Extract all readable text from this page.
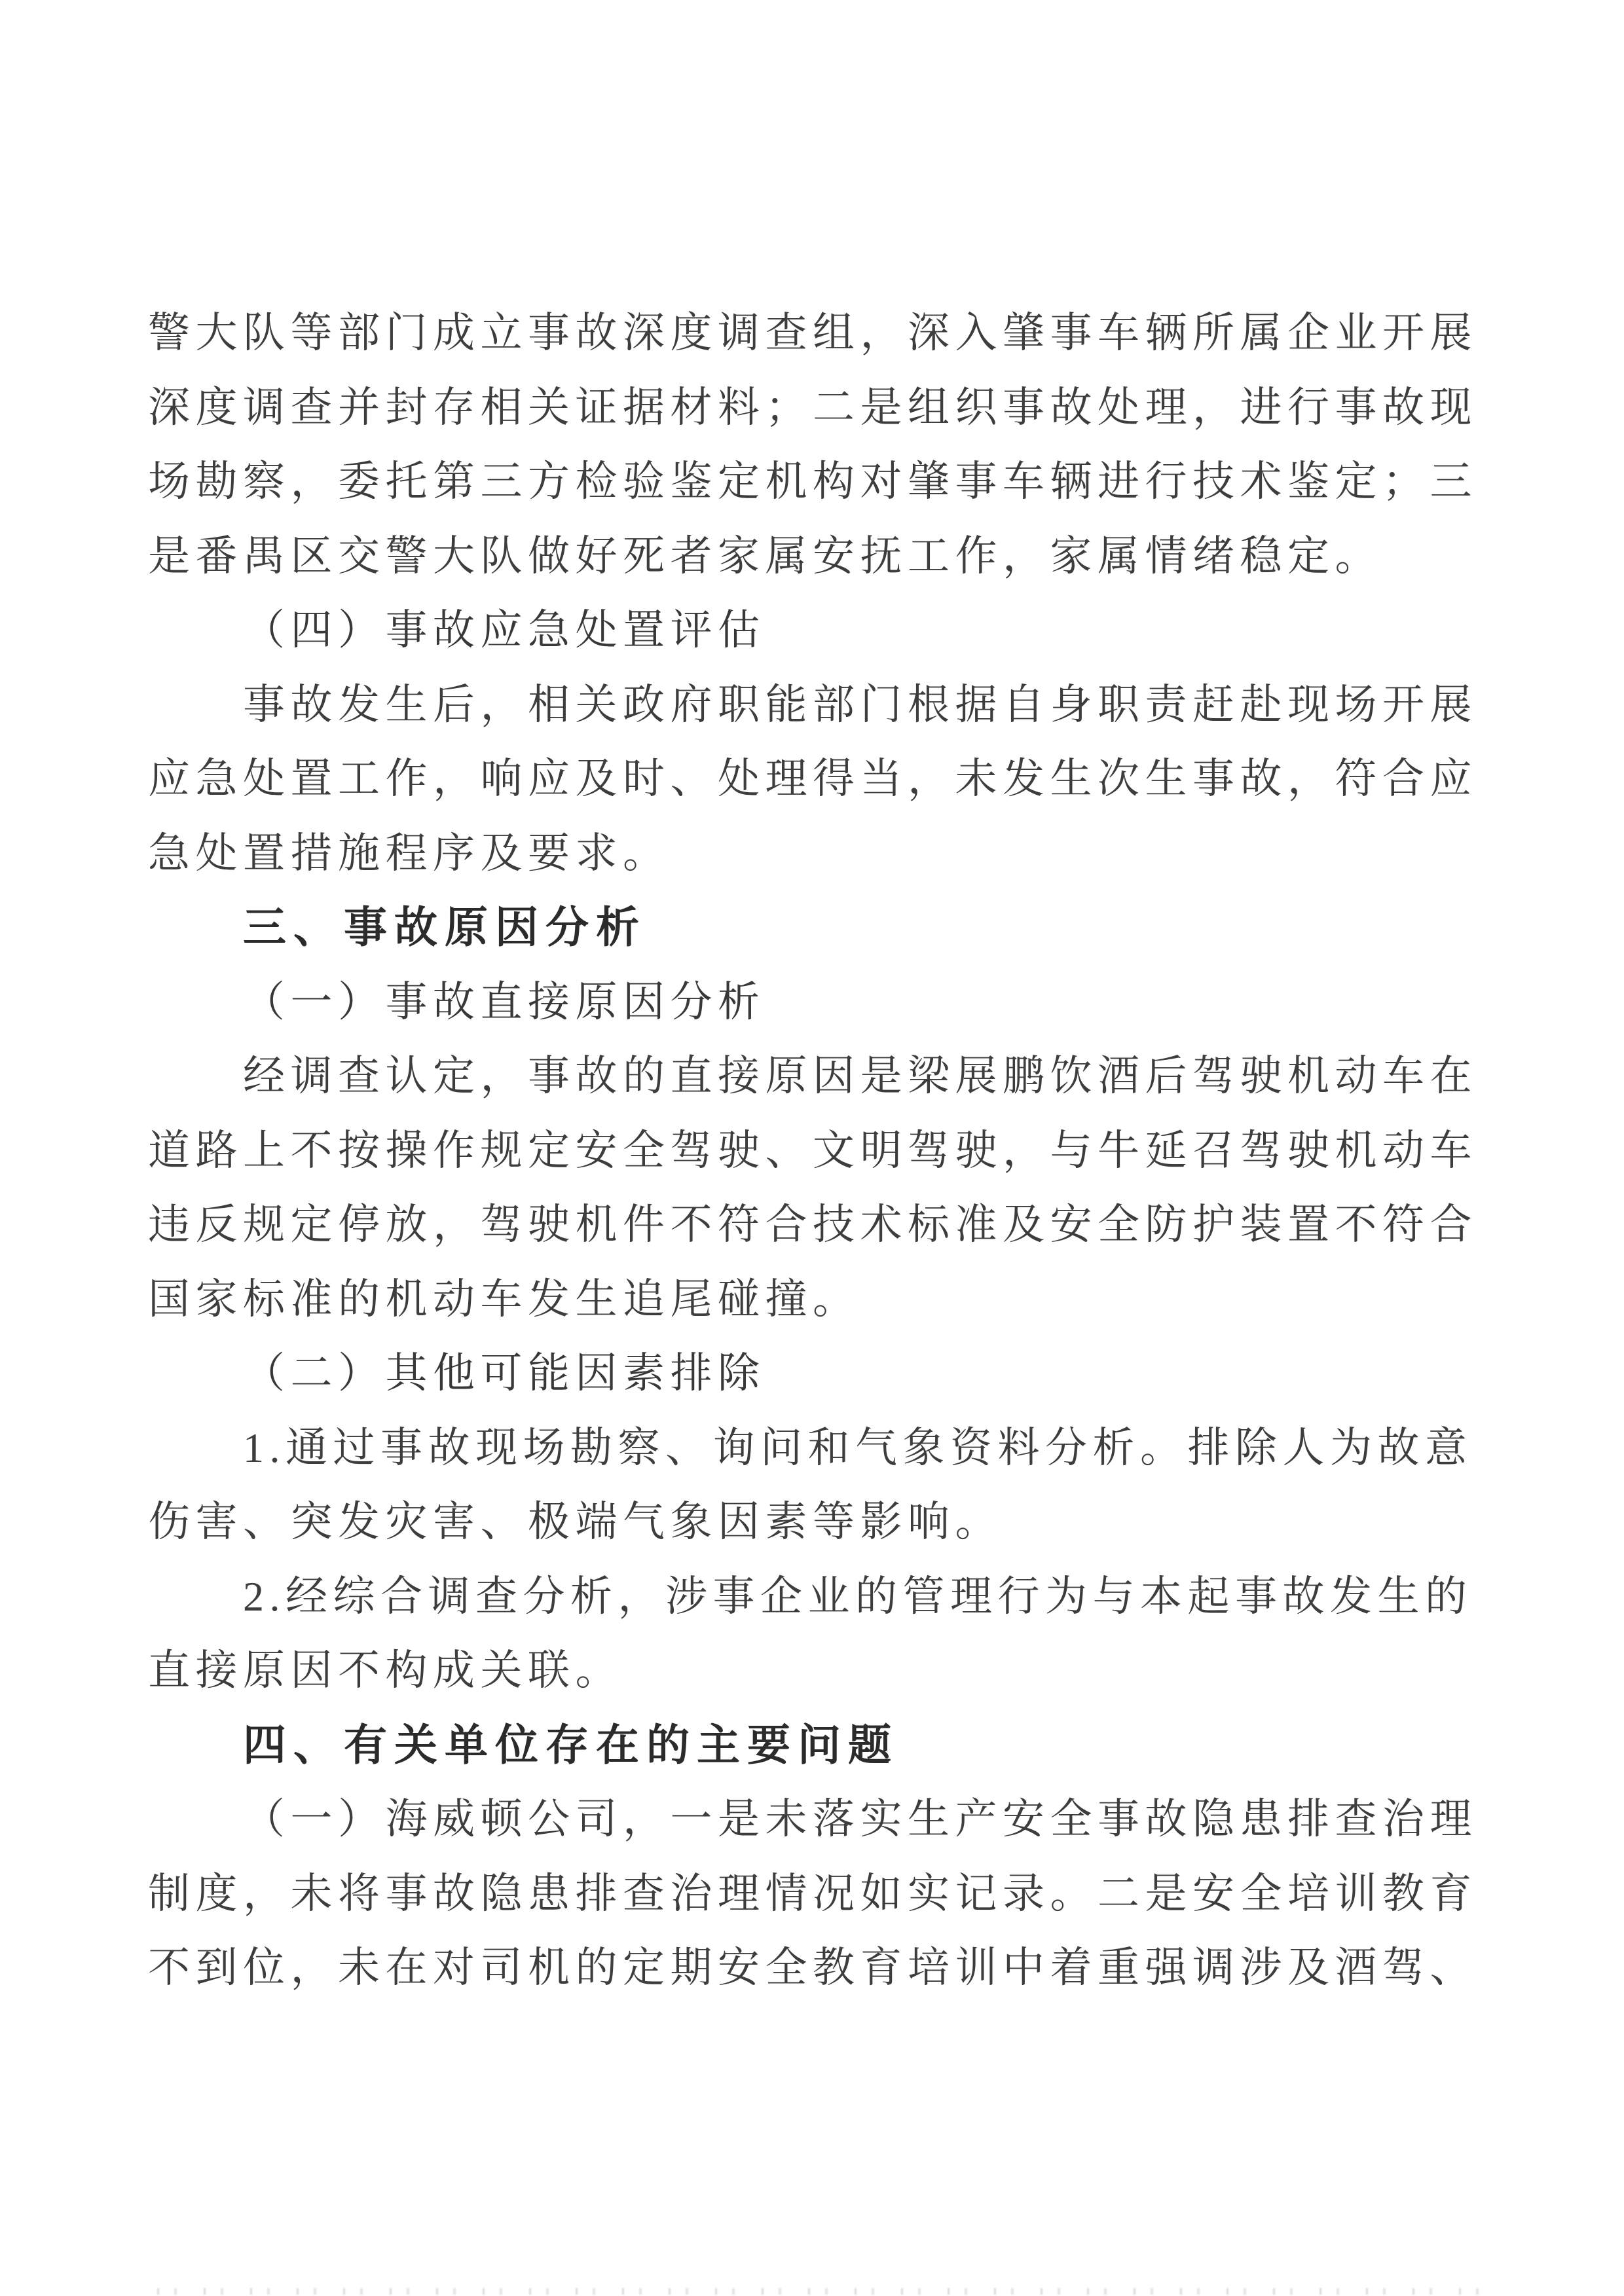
警大队等部门成立事故深度调查组，深入肇事车辆所属企业开展
深度调查并封存相关证据材料；二是组织事故处理，进行事故现
场勘察，委托第三方检验鉴定机构对肇事车辆进行技术鉴定；三
是番禺区交警大队做好死者家属安抚工作，家属情绪稳定。
（四）事故应急处置评估
事故发生后，相关政府职能部门根据自身职责赶赴现场开展
应急处置工作，响应及时、处理得当，未发生次生事故，符合应
急处置措施程序及要求。
三、事故原因分析
（一）事故直接原因分析
经调查认定，事故的直接原因是梁展鹏饮酒后驾驶机动车在
道路上不按操作规定安全驾驶、文明驾驶，与牛延召驾驶机动车
违反规定停放，驾驶机件不符合技术标准及安全防护装置不符合
国家标准的机动车发生追尾碰撞。
（二）其他可能因素排除
1.通过事故现场勘察、询问和气象资料分析。排除人为故意
伤害、突发灾害、极端气象因素等影响。
2.经综合调查分析，涉事企业的管理行为与本起事故发生的
直接原因不构成关联。
四、有关单位存在的主要问题
（一）海威顿公司，一是未落实生产安全事故隐患排查治理
制度，未将事故隐患排查治理情况如实记录。二是安全培训教育
不到位，未在对司机的定期安全教育培训中着重强调涉及酒驾、
